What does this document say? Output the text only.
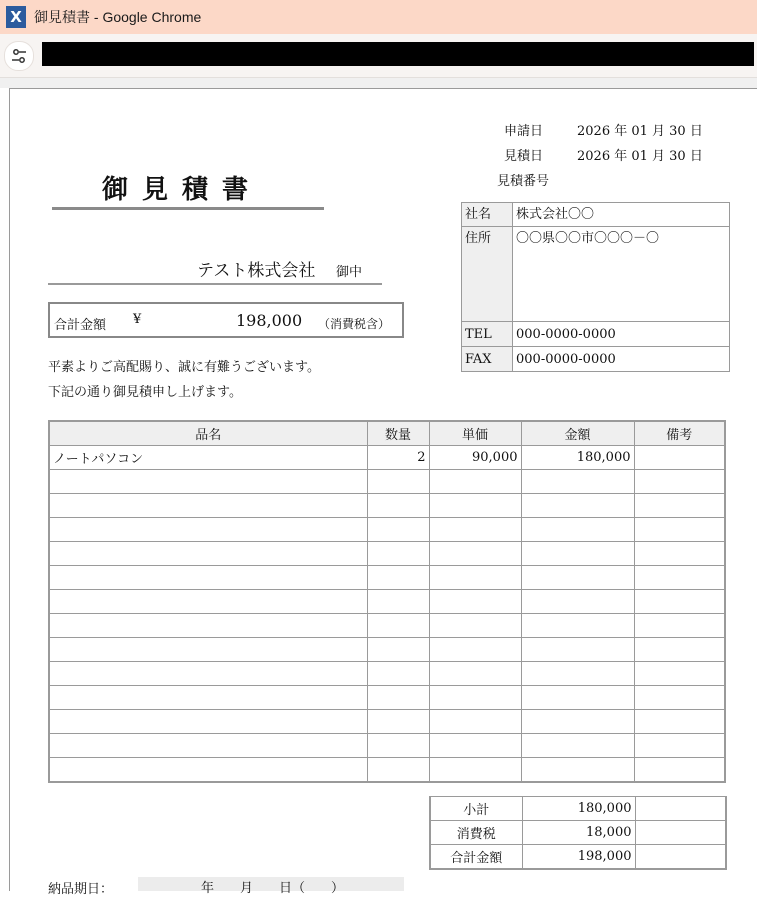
X 御見積書 - Google Chrome
申請日	2026 年 01 月 30 日
見積日	2026 年 01 月 30 日
見積番号
御見積書
テスト株式会社 御中
合計金額 ¥	198,000 （消費税含）
平素よりご高配賜り、誠に有難うございます。
下記の通り御見積申し上げます。
社名	株式会社〇〇
住所	〇〇県〇〇市〇〇〇－〇
TEL	000-0000-0000
FAX	000-0000-0000
品名	数量	単価	金額	備考
ノートパソコン	2	90,000	180,000	

小計	180,000	
消費税	18,000	
合計金額	198,000	
納品期日：	年　　月　　日（　　）
